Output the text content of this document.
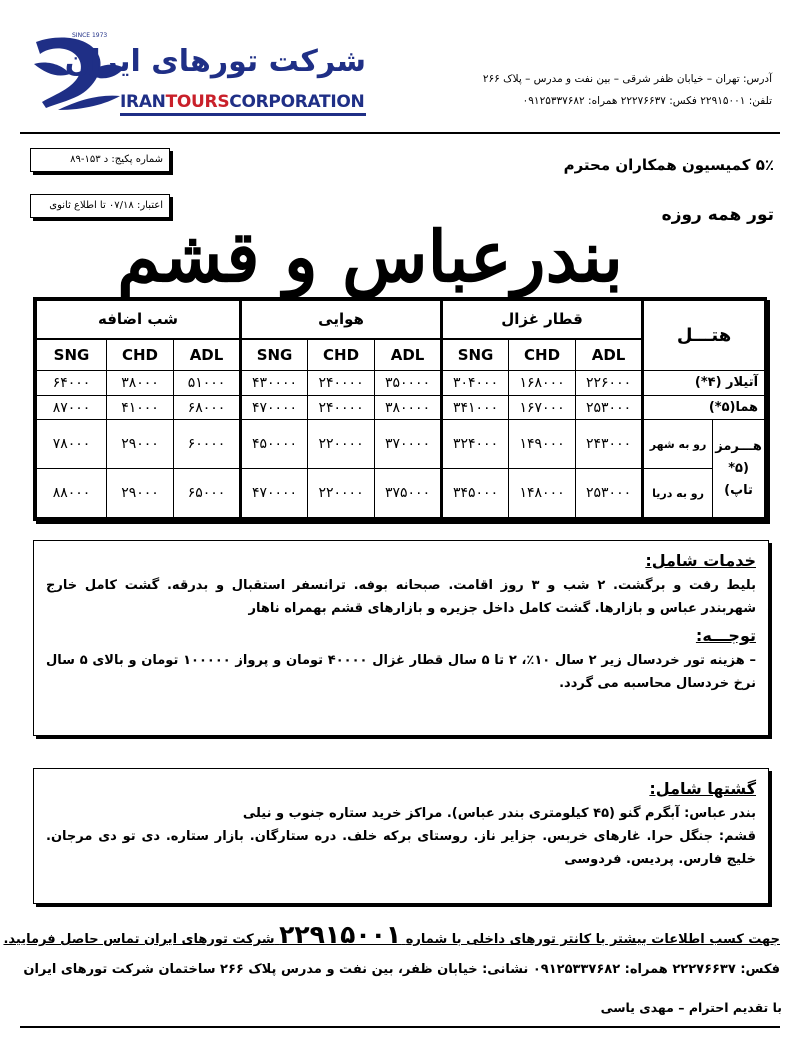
SINCE 1973
شرکت تورهای ایران
IRANTOURSCORPORATION
آدرس: تهران – خیابان ظفر شرقی – بین نفت و مدرس – پلاک ۲۶۶
تلفن: ۲۲۹۱۵۰۰۱ فکس: ۲۲۲۷۶۶۳۷ همراه: ۰۹۱۲۵۳۳۷۶۸۲
شماره پکیج: د ۱۵۳-۸۹
اعتبار: ۰۷/۱۸ تا اطلاع ثانوی
۵٪ کمیسیون همکاران محترم
تور همه روزه
بندرعباس و قشم
هتـــل		قطار غزال			هوایی			شب اضافه		
		ADL	CHD	SNG	ADL	CHD	SNG	ADL	CHD	SNG
آتیلار (۴*)		۲۲۶۰۰۰	۱۶۸۰۰۰	۳۰۴۰۰۰	۳۵۰۰۰۰	۲۴۰۰۰۰	۴۳۰۰۰۰	۵۱۰۰۰	۳۸۰۰۰	۶۴۰۰۰
هما(۵*)		۲۵۳۰۰۰	۱۶۷۰۰۰	۳۴۱۰۰۰	۳۸۰۰۰۰	۲۴۰۰۰۰	۴۷۰۰۰۰	۶۸۰۰۰	۴۱۰۰۰	۸۷۰۰۰
هـــرمز (۵* تاپ)	رو به شهر	۲۴۳۰۰۰	۱۴۹۰۰۰	۳۲۴۰۰۰	۳۷۰۰۰۰	۲۲۰۰۰۰	۴۵۰۰۰۰	۶۰۰۰۰	۲۹۰۰۰	۷۸۰۰۰
	رو به دریا	۲۵۳۰۰۰	۱۴۸۰۰۰	۳۴۵۰۰۰	۳۷۵۰۰۰	۲۲۰۰۰۰	۴۷۰۰۰۰	۶۵۰۰۰	۲۹۰۰۰	۸۸۰۰۰
خدمات شامل:
بلیط رفت و برگشت. ۲ شب و ۳ روز اقامت. صبحانه بوفه. ترانسفر استقبال و بدرقه. گشت کامل خارج شهربندر عباس و بازارها. گشت کامل داخل جزیره و بازارهای قشم بهمراه ناهار
توجـــه:
– هزینه تور خردسال زیر ۲ سال ۱۰٪، ۲ تا ۵ سال قطار غزال ۴۰۰۰۰ تومان و پرواز ۱۰۰۰۰۰ تومان و بالای ۵ سال نرخ خردسال محاسبه می گردد.
گشتها شامل:
بندر عباس: آبگرم گنو (۴۵ کیلومتری بندر عباس). مراکز خرید ستاره جنوب و نیلی
قشم: جنگل حرا. غارهای خربس. جزایر ناز. روستای برکه خلف. دره ستارگان. بازار ستاره. دی تو دی مرجان. خلیج فارس. پردیس. فردوسی
جهت کسب اطلاعات بیشتر با کانتر تورهای داخلی با شماره ۲۲۹۱۵۰۰۱ شرکت تورهای ایران تماس حاصل فرمایید.
فکس: ۲۲۲۷۶۶۳۷ همراه: ۰۹۱۲۵۳۳۷۶۸۲ نشانی: خیابان ظفر، بین نفت و مدرس پلاک ۲۶۶ ساختمان شرکت تورهای ایران
با تقدیم احترام – مهدی یاسی
